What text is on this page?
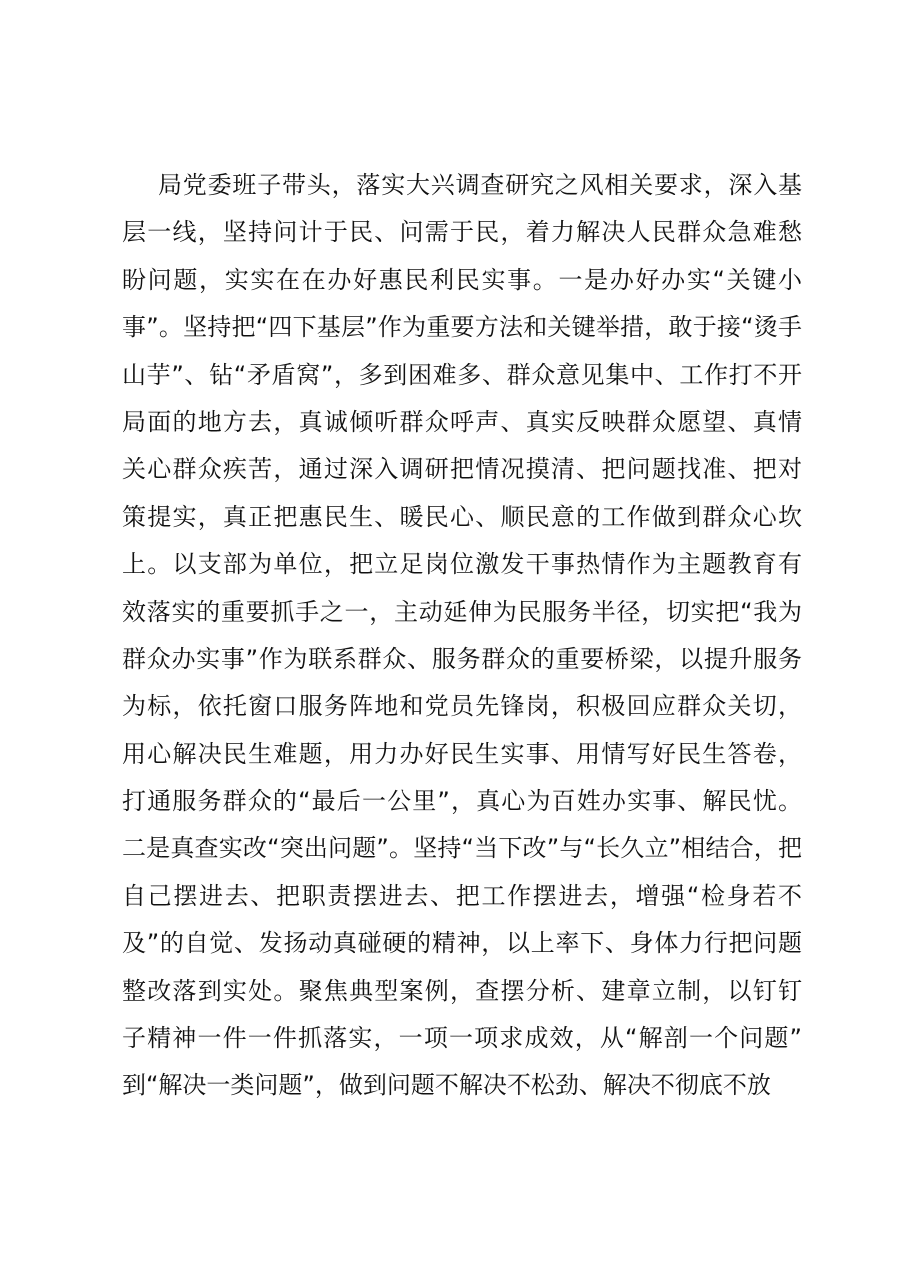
局党委班子带头，落实大兴调查研究之风相关要求，深入基
层一线，坚持问计于民、问需于民，着力解决人民群众急难愁
盼问题，实实在在办好惠民利民实事。一是办好办实“关键小
事”。坚持把“四下基层”作为重要方法和关键举措，敢于接“烫手
山芋”、钻“矛盾窝”，多到困难多、群众意见集中、工作打不开
局面的地方去，真诚倾听群众呼声、真实反映群众愿望、真情
关心群众疾苦，通过深入调研把情况摸清、把问题找准、把对
策提实，真正把惠民生、暖民心、顺民意的工作做到群众心坎
上。以支部为单位，把立足岗位激发干事热情作为主题教育有
效落实的重要抓手之一，主动延伸为民服务半径，切实把“我为
群众办实事”作为联系群众、服务群众的重要桥梁，以提升服务
为标，依托窗口服务阵地和党员先锋岗，积极回应群众关切，
用心解决民生难题，用力办好民生实事、用情写好民生答卷，
打通服务群众的“最后一公里”，真心为百姓办实事、解民忧。
二是真查实改“突出问题”。坚持“当下改”与“长久立”相结合，把
自己摆进去、把职责摆进去、把工作摆进去，增强“检身若不
及”的自觉、发扬动真碰硬的精神，以上率下、身体力行把问题
整改落到实处。聚焦典型案例，查摆分析、建章立制，以钉钉
子精神一件一件抓落实，一项一项求成效，从“解剖一个问题”
到“解决一类问题”，做到问题不解决不松劲、解决不彻底不放
